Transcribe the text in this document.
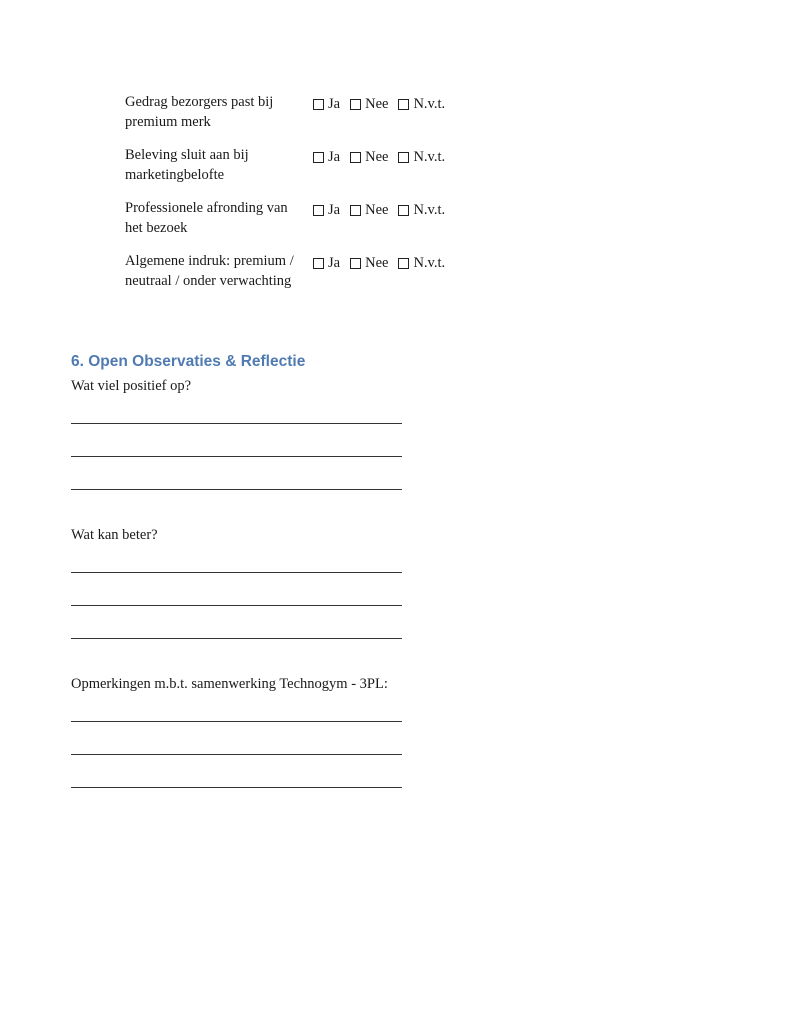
Gedrag bezorgers past bij premium merk
Ja Nee N.v.t.
Beleving sluit aan bij marketingbelofte
Ja Nee N.v.t.
Professionele afronding van het bezoek
Ja Nee N.v.t.
Algemene indruk: premium / neutraal / onder verwachting
Ja Nee N.v.t.
6. Open Observaties & Reflectie
Wat viel positief op?
Wat kan beter?
Opmerkingen m.b.t. samenwerking Technogym - 3PL:
